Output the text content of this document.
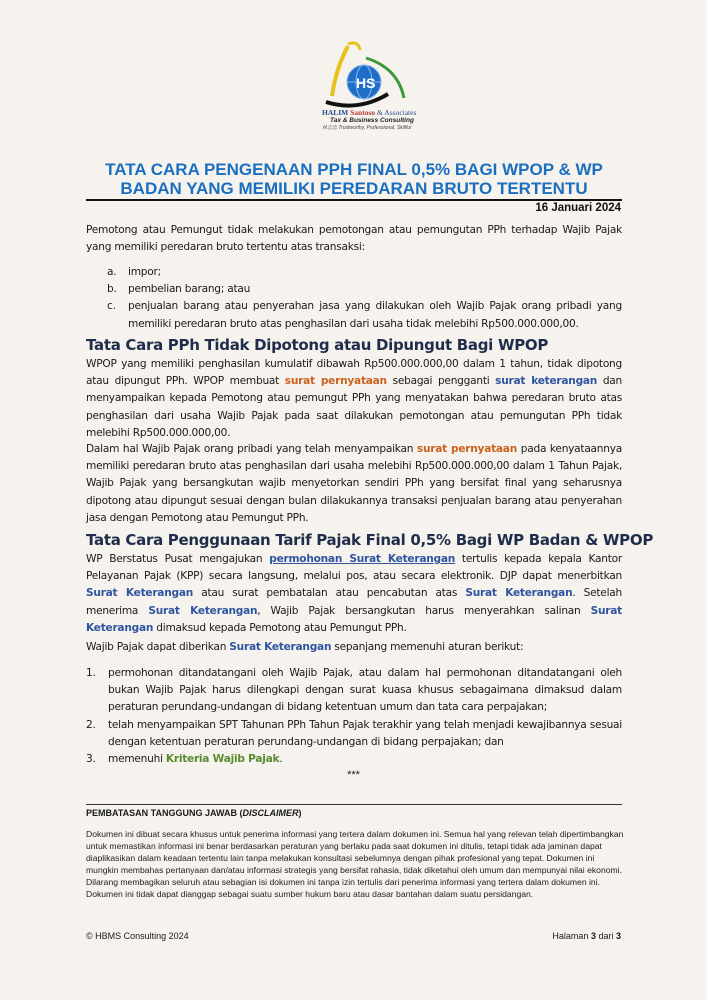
HS
HALIM Santoso & Associates
Tax & Business Consulting
林志忠 Trustworthy, Professional, Skillful
TATA CARA PENGENAAN PPH FINAL 0,5% BAGI WPOP & WP
BADAN YANG MEMILIKI PEREDARAN BRUTO TERTENTU
16 Januari 2024
Pemotong atau Pemungut tidak melakukan pemotongan atau pemungutan PPh terhadap Wajib Pajak yang memiliki peredaran bruto tertentu atas transaksi:
a.	impor;
b.	pembelian barang; atau
c.	penjualan barang atau penyerahan jasa yang dilakukan oleh Wajib Pajak orang pribadi yang memiliki peredaran bruto atas penghasilan dari usaha tidak melebihi Rp500.000.000,00.
Tata Cara PPh Tidak Dipotong atau Dipungut Bagi WPOP
WPOP yang memiliki penghasilan kumulatif dibawah Rp500.000.000,00 dalam 1 tahun, tidak dipotong atau dipungut PPh. WPOP membuat surat pernyataan sebagai pengganti surat keterangan dan menyampaikan kepada Pemotong atau pemungut PPh yang menyatakan bahwa peredaran bruto atas penghasilan dari usaha Wajib Pajak pada saat dilakukan pemotongan atau pemungutan PPh tidak melebihi Rp500.000.000,00.
Dalam hal Wajib Pajak orang pribadi yang telah menyampaikan surat pernyataan pada kenyataannya memiliki peredaran bruto atas penghasilan dari usaha melebihi Rp500.000.000,00 dalam 1 Tahun Pajak, Wajib Pajak yang bersangkutan wajib menyetorkan sendiri PPh yang bersifat final yang seharusnya dipotong atau dipungut sesuai dengan bulan dilakukannya transaksi penjualan barang atau penyerahan jasa dengan Pemotong atau Pemungut PPh.
Tata Cara Penggunaan Tarif Pajak Final 0,5% Bagi WP Badan & WPOP
WP Berstatus Pusat mengajukan permohonan Surat Keterangan tertulis kepada kepala Kantor Pelayanan Pajak (KPP) secara langsung, melalui pos, atau secara elektronik. DJP dapat menerbitkan Surat Keterangan atau surat pembatalan atau pencabutan atas Surat Keterangan. Setelah menerima Surat Keterangan, Wajib Pajak bersangkutan harus menyerahkan salinan Surat Keterangan dimaksud kepada Pemotong atau Pemungut PPh.
Wajib Pajak dapat diberikan Surat Keterangan sepanjang memenuhi aturan berikut:
1.	permohonan ditandatangani oleh Wajib Pajak, atau dalam hal permohonan ditandatangani oleh bukan Wajib Pajak harus dilengkapi dengan surat kuasa khusus sebagaimana dimaksud dalam peraturan perundang-undangan di bidang ketentuan umum dan tata cara perpajakan;
2.	telah menyampaikan SPT Tahunan PPh Tahun Pajak terakhir yang telah menjadi kewajibannya sesuai dengan ketentuan peraturan perundang-undangan di bidang perpajakan; dan
3.	memenuhi Kriteria Wajib Pajak.
***
PEMBATASAN TANGGUNG JAWAB (DISCLAIMER)
Dokumen ini dibuat secara khusus untuk penerima informasi yang tertera dalam dokumen ini. Semua hal yang relevan telah dipertimbangkan untuk memastikan informasi ini benar berdasarkan peraturan yang berlaku pada saat dokumen ini ditulis, tetapi tidak ada jaminan dapat diaplikasikan dalam keadaan tertentu lain tanpa melakukan konsultasi sebelumnya dengan pihak profesional yang tepat. Dokumen ini mungkin membahas pertanyaan dan/atau informasi strategis yang bersifat rahasia, tidak diketahui oleh umum dan mempunyai nilai ekonomi. Dilarang membagikan seluruh atau sebagian isi dokumen ini tanpa izin tertulis dari penerima informasi yang tertera dalam dokumen ini. Dokumen ini tidak dapat dianggap sebagai suatu sumber hukum baru atau dasar bantahan dalam suatu persidangan.
© HBMS Consulting 2024	Halaman 3 dari 3
